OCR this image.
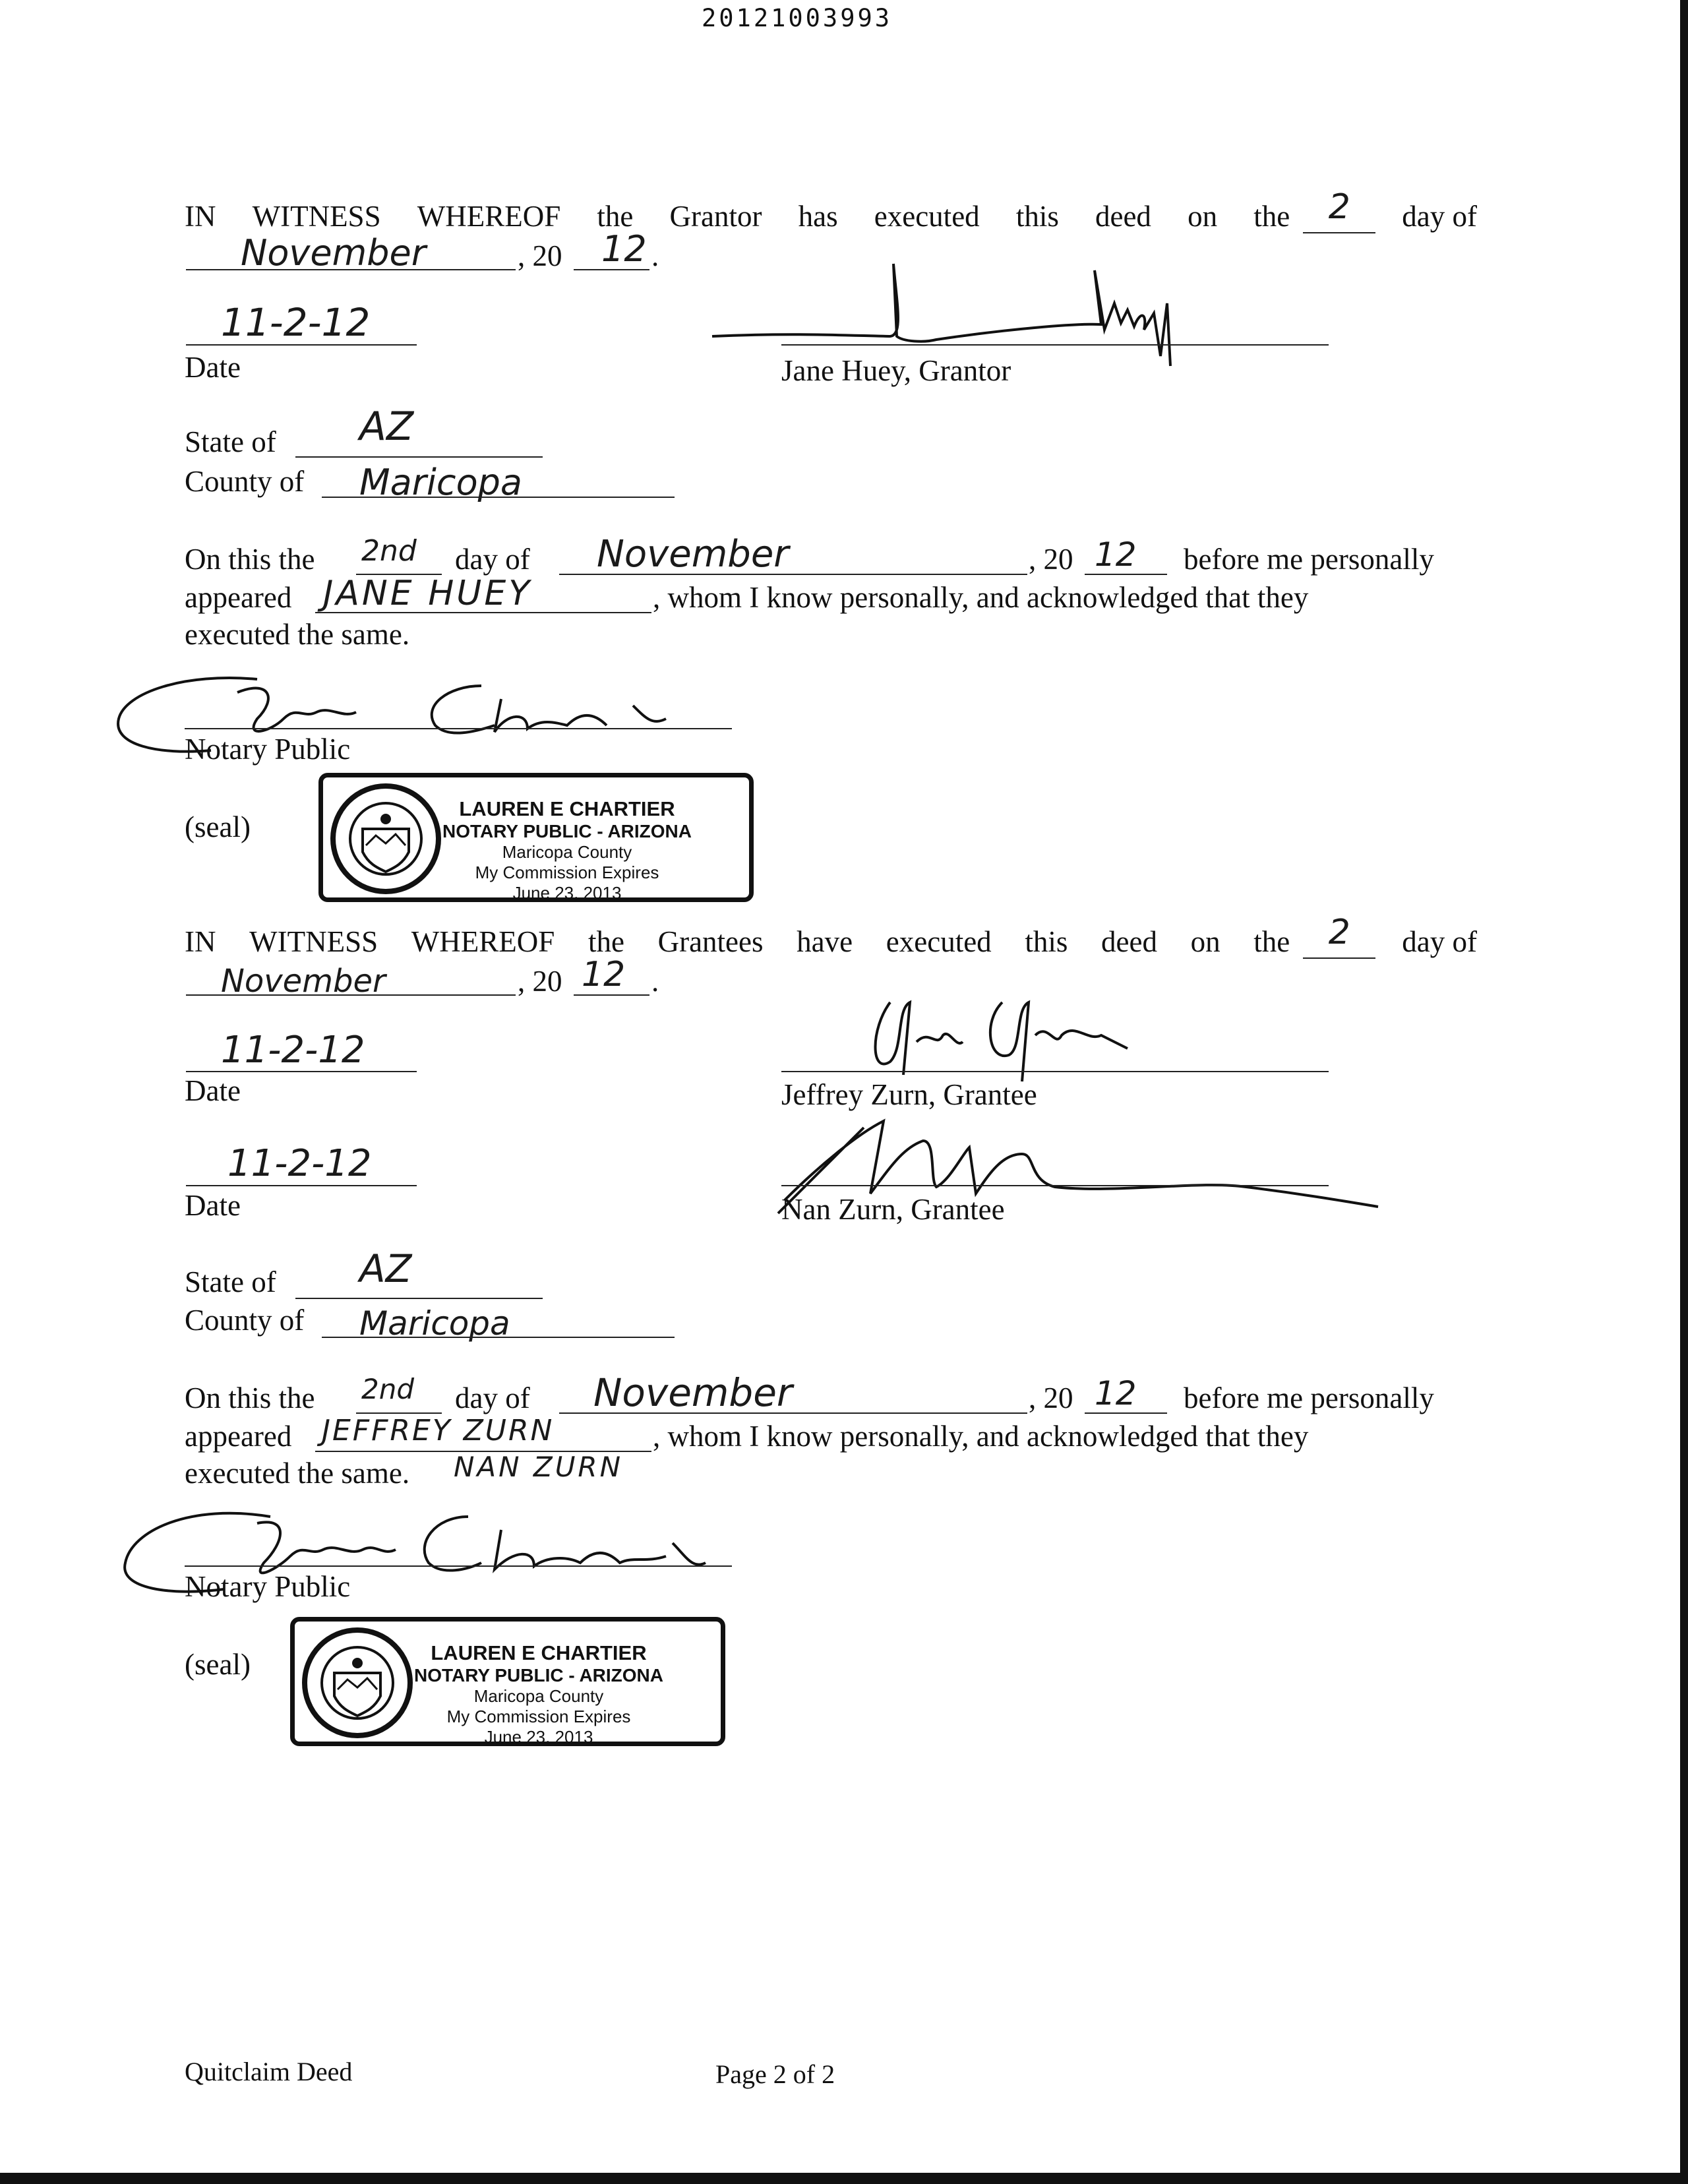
20121003993
IN WITNESS WHEREOF the Grantor has executed this deed on the	2	day of
November	, 20 12 .
11-2-12
Date	Jane Huey, Grantor
State of AZ
County of Maricopa
On this the 2nd day of November	, 20 12 before me personally
appeared JANE HUEY	, whom I know personally, and acknowledged that they
executed the same.
Notary Public
(seal)
LAUREN E CHARTIER
NOTARY PUBLIC - ARIZONA
Maricopa County
My Commission Expires
June 23, 2013
IN WITNESS WHEREOF the Grantees have executed this deed on the	2	day of
November	, 20 12 .
11-2-12
Date	Jeffrey Zurn, Grantee
11-2-12
Date	Nan Zurn, Grantee
State of AZ
County of Maricopa
On this the 2nd day of November	, 20 12 before me personally
appeared JEFFREY ZURN	, whom I know personally, and acknowledged that they
executed the same. NAN ZURN
Notary Public
(seal)	LAUREN E CHARTIER
NOTARY PUBLIC - ARIZONA
Maricopa County
My Commission Expires
June 23, 2013
Quitclaim Deed	Page 2 of 2
